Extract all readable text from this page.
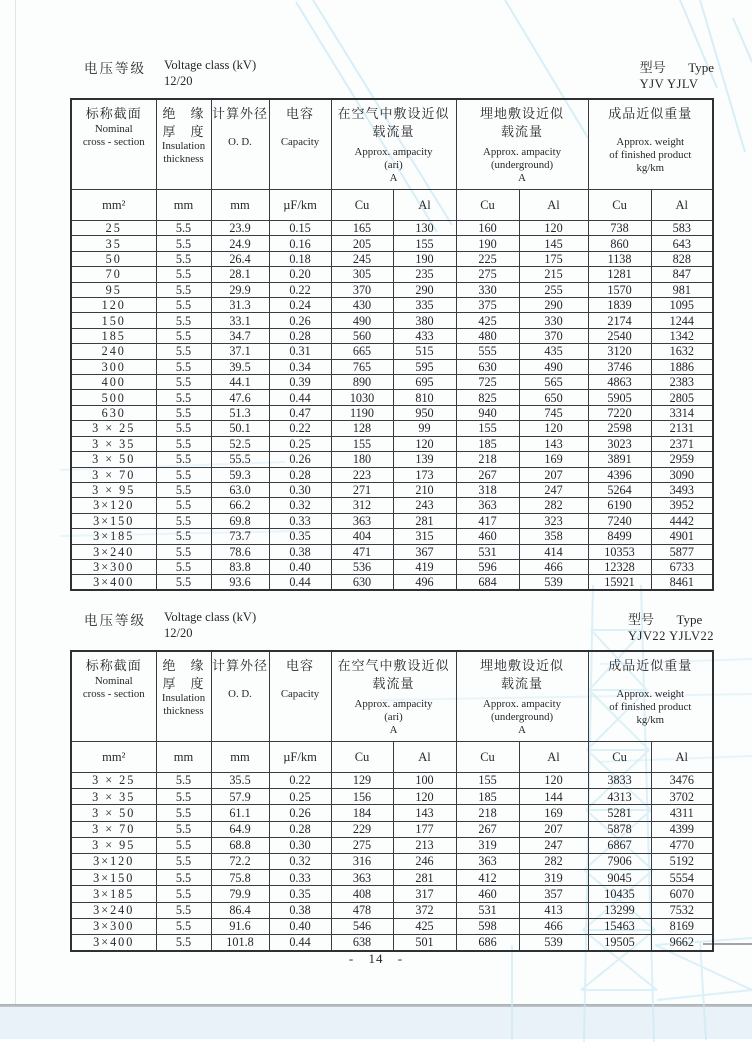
电压等级 Voltage class (kV)
12/20
型号 Type
YJV YJLV
标称截面
Nominal
cross - section

绝　缘
厚　度
Insulation
thickness

计算外径
O. D.

电容
Capacity

在空气中敷设近似
载流量
Approx. ampacity
(ari)
A

埋地敷设近似
载流量
Approx. ampacity
(underground)
A

成品近似重量
Approx. weight
of finished product
kg/km

mm²	mm	mm	µF/km	Cu	Al	Cu	Al	Cu	Al
25	5.5	23.9	0.15	165	130	160	120	738	583
35	5.5	24.9	0.16	205	155	190	145	860	643
50	5.5	26.4	0.18	245	190	225	175	1138	828
70	5.5	28.1	0.20	305	235	275	215	1281	847
95	5.5	29.9	0.22	370	290	330	255	1570	981
120	5.5	31.3	0.24	430	335	375	290	1839	1095
150	5.5	33.1	0.26	490	380	425	330	2174	1244
185	5.5	34.7	0.28	560	433	480	370	2540	1342
240	5.5	37.1	0.31	665	515	555	435	3120	1632
300	5.5	39.5	0.34	765	595	630	490	3746	1886
400	5.5	44.1	0.39	890	695	725	565	4863	2383
500	5.5	47.6	0.44	1030	810	825	650	5905	2805
630	5.5	51.3	0.47	1190	950	940	745	7220	3314
3 × 25	5.5	50.1	0.22	128	99	155	120	2598	2131
3 × 35	5.5	52.5	0.25	155	120	185	143	3023	2371
3 × 50	5.5	55.5	0.26	180	139	218	169	3891	2959
3 × 70	5.5	59.3	0.28	223	173	267	207	4396	3090
3 × 95	5.5	63.0	0.30	271	210	318	247	5264	3493
3×120	5.5	66.2	0.32	312	243	363	282	6190	3952
3×150	5.5	69.8	0.33	363	281	417	323	7240	4442
3×185	5.5	73.7	0.35	404	315	460	358	8499	4901
3×240	5.5	78.6	0.38	471	367	531	414	10353	5877
3×300	5.5	83.8	0.40	536	419	596	466	12328	6733
3×400	5.5	93.6	0.44	630	496	684	539	15921	8461
电压等级 Voltage class (kV)
12/20
型号 Type
YJV22 YJLV22
标称截面
Nominal
cross - section

绝　缘
厚　度
Insulation
thickness

计算外径
O. D.

电容
Capacity

在空气中敷设近似
载流量
Approx. ampacity
(ari)
A

埋地敷设近似
载流量
Approx. ampacity
(underground)
A

成品近似重量
Approx. weight
of finished product
kg/km

mm²	mm	mm	µF/km	Cu	Al	Cu	Al	Cu	Al
3 × 25	5.5	35.5	0.22	129	100	155	120	3833	3476
3 × 35	5.5	57.9	0.25	156	120	185	144	4313	3702
3 × 50	5.5	61.1	0.26	184	143	218	169	5281	4311
3 × 70	5.5	64.9	0.28	229	177	267	207	5878	4399
3 × 95	5.5	68.8	0.30	275	213	319	247	6867	4770
3×120	5.5	72.2	0.32	316	246	363	282	7906	5192
3×150	5.5	75.8	0.33	363	281	412	319	9045	5554
3×185	5.5	79.9	0.35	408	317	460	357	10435	6070
3×240	5.5	86.4	0.38	478	372	531	413	13299	7532
3×300	5.5	91.6	0.40	546	425	598	466	15463	8169
3×400	5.5	101.8	0.44	638	501	686	539	19505	9662
- 14 -
